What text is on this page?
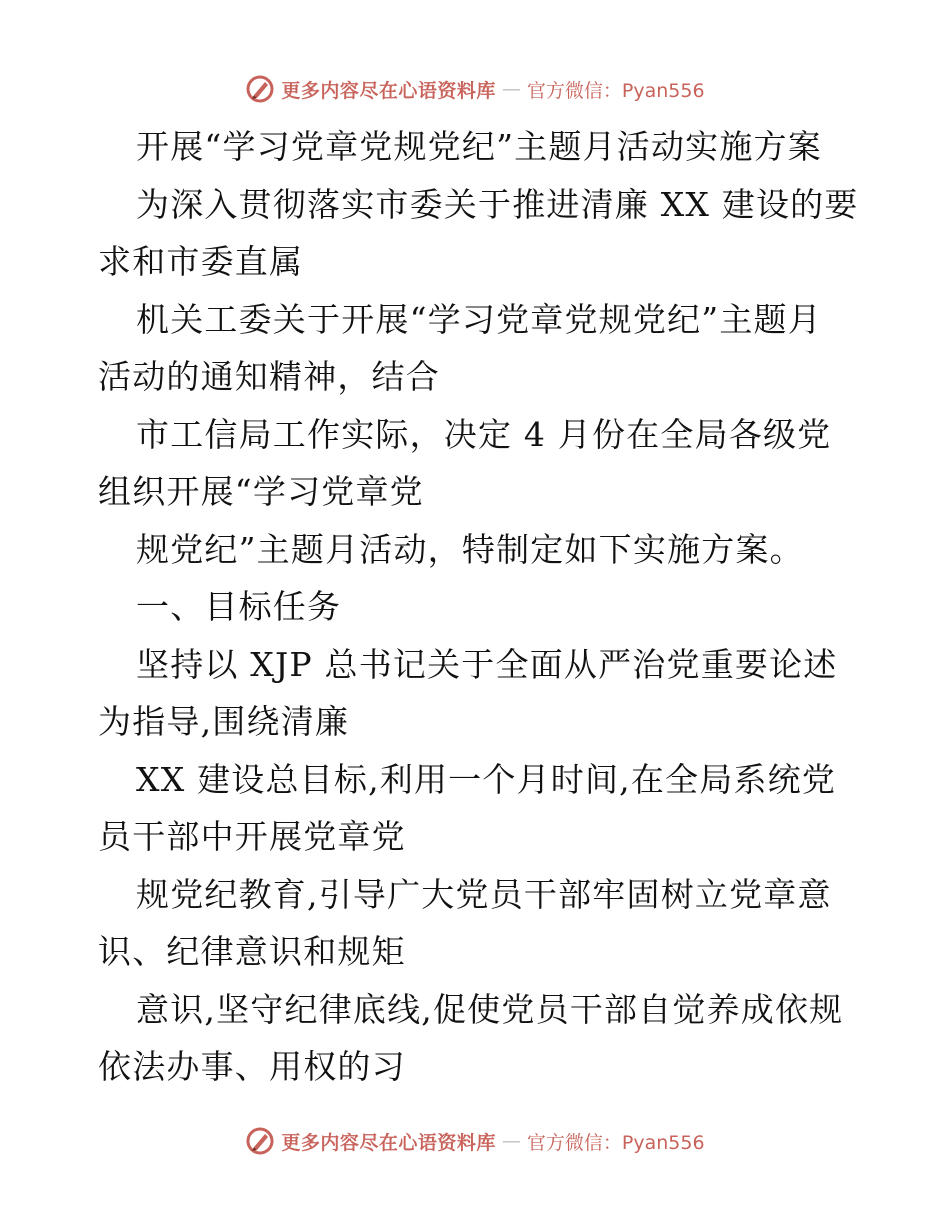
更多内容尽在心语资料库 — 官方微信：Pyan556
开展“学习党章党规党纪”主题月活动实施方案
为深入贯彻落实市委关于推进清廉 XX 建设的要
求和市委直属
机关工委关于开展“学习党章党规党纪”主题月
活动的通知精神，结合
市工信局工作实际，决定 4 月份在全局各级党
组织开展“学习党章党
规党纪”主题月活动，特制定如下实施方案。
一、目标任务
坚持以 XJP 总书记关于全面从严治党重要论述
为指导,围绕清廉
XX 建设总目标,利用一个月时间,在全局系统党
员干部中开展党章党
规党纪教育,引导广大党员干部牢固树立党章意
识、纪律意识和规矩
意识,坚守纪律底线,促使党员干部自觉养成依规
依法办事、用权的习
更多内容尽在心语资料库 — 官方微信：Pyan556
